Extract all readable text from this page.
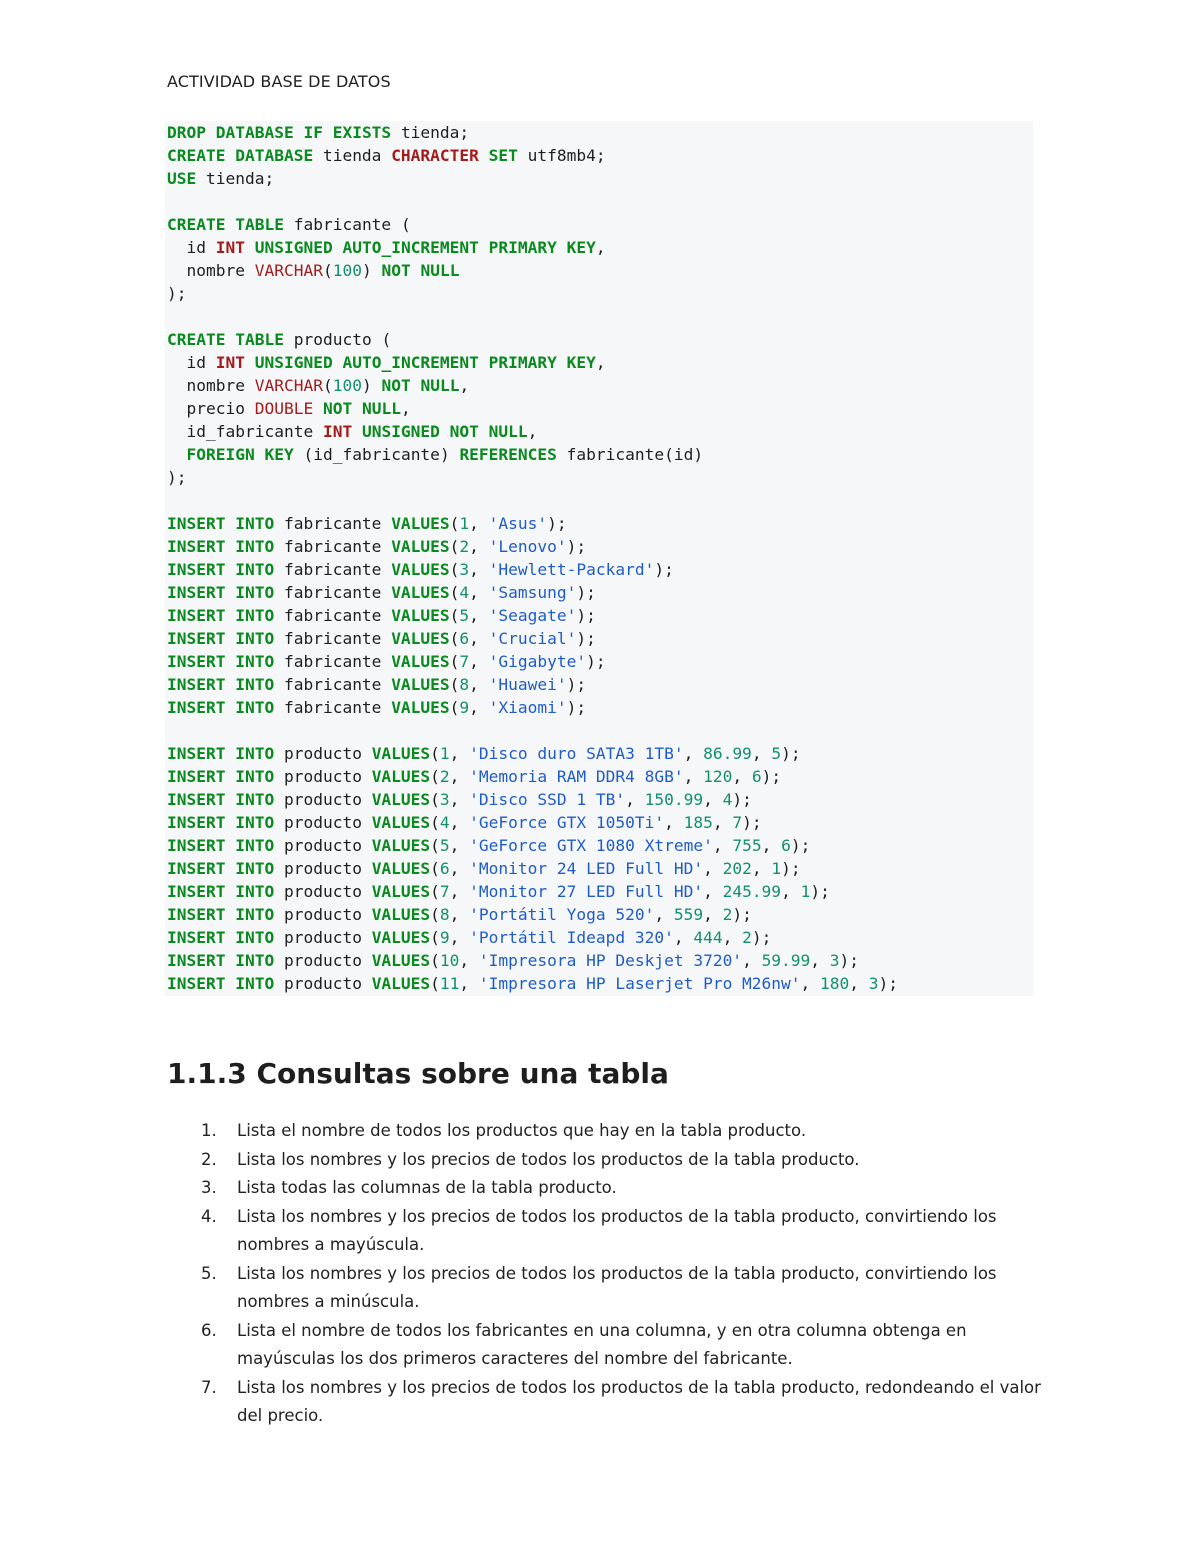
ACTIVIDAD BASE DE DATOS
DROP DATABASE IF EXISTS tienda;
CREATE DATABASE tienda CHARACTER SET utf8mb4;
USE tienda;
CREATE TABLE fabricante (
id INT UNSIGNED AUTO_INCREMENT PRIMARY KEY,
nombre VARCHAR(100) NOT NULL
);
CREATE TABLE producto (
id INT UNSIGNED AUTO_INCREMENT PRIMARY KEY,
nombre VARCHAR(100) NOT NULL,
precio DOUBLE NOT NULL,
id_fabricante INT UNSIGNED NOT NULL,
FOREIGN KEY (id_fabricante) REFERENCES fabricante(id)
);
INSERT INTO fabricante VALUES(1, 'Asus');
INSERT INTO fabricante VALUES(2, 'Lenovo');
INSERT INTO fabricante VALUES(3, 'Hewlett-Packard');
INSERT INTO fabricante VALUES(4, 'Samsung');
INSERT INTO fabricante VALUES(5, 'Seagate');
INSERT INTO fabricante VALUES(6, 'Crucial');
INSERT INTO fabricante VALUES(7, 'Gigabyte');
INSERT INTO fabricante VALUES(8, 'Huawei');
INSERT INTO fabricante VALUES(9, 'Xiaomi');
INSERT INTO producto VALUES(1, 'Disco duro SATA3 1TB', 86.99, 5);
INSERT INTO producto VALUES(2, 'Memoria RAM DDR4 8GB', 120, 6);
INSERT INTO producto VALUES(3, 'Disco SSD 1 TB', 150.99, 4);
INSERT INTO producto VALUES(4, 'GeForce GTX 1050Ti', 185, 7);
INSERT INTO producto VALUES(5, 'GeForce GTX 1080 Xtreme', 755, 6);
INSERT INTO producto VALUES(6, 'Monitor 24 LED Full HD', 202, 1);
INSERT INTO producto VALUES(7, 'Monitor 27 LED Full HD', 245.99, 1);
INSERT INTO producto VALUES(8, 'Portátil Yoga 520', 559, 2);
INSERT INTO producto VALUES(9, 'Portátil Ideapd 320', 444, 2);
INSERT INTO producto VALUES(10, 'Impresora HP Deskjet 3720', 59.99, 3);
INSERT INTO producto VALUES(11, 'Impresora HP Laserjet Pro M26nw', 180, 3);
1.1.3 Consultas sobre una tabla
1. Lista el nombre de todos los productos que hay en la tabla producto.
2. Lista los nombres y los precios de todos los productos de la tabla producto.
3. Lista todas las columnas de la tabla producto.
4. Lista los nombres y los precios de todos los productos de la tabla producto, convirtiendo los nombres a mayúscula.
5. Lista los nombres y los precios de todos los productos de la tabla producto, convirtiendo los nombres a minúscula.
6. Lista el nombre de todos los fabricantes en una columna, y en otra columna obtenga en mayúsculas los dos primeros caracteres del nombre del fabricante.
7. Lista los nombres y los precios de todos los productos de la tabla producto, redondeando el valor del precio.
